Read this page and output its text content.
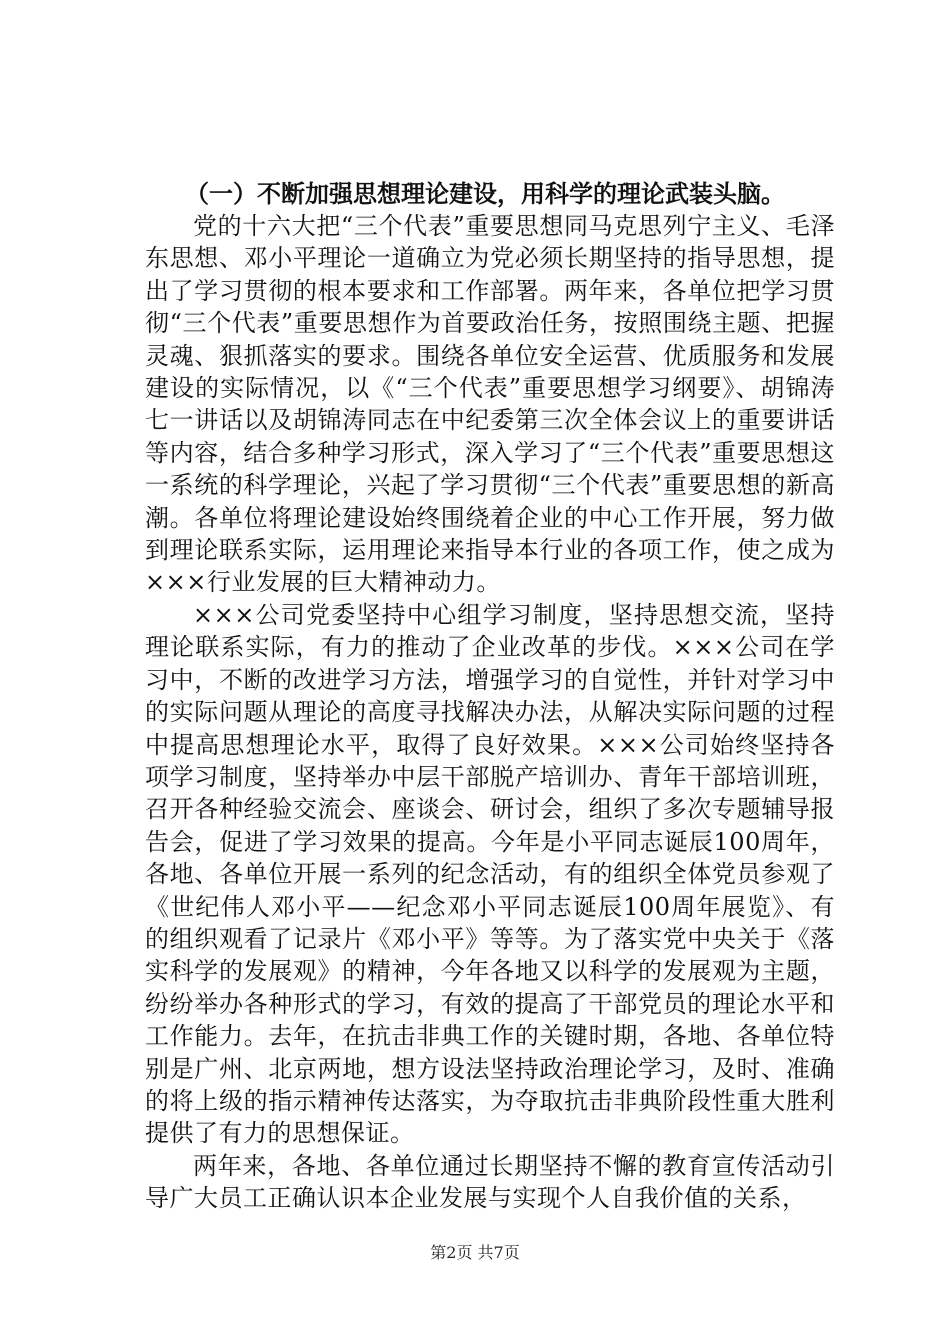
（一）不断加强思想理论建设，用科学的理论武装头脑。

党的十六大把“三个代表”重要思想同马克思列宁主义、毛泽东思想、邓小平理论一道确立为党必须长期坚持的指导思想，提出了学习贯彻的根本要求和工作部署。两年来，各单位把学习贯彻“三个代表”重要思想作为首要政治任务，按照围绕主题、把握灵魂、狠抓落实的要求。围绕各单位安全运营、优质服务和发展建设的实际情况，以《“三个代表”重要思想学习纲要》、胡锦涛七一讲话以及胡锦涛同志在中纪委第三次全体会议上的重要讲话等内容，结合多种学习形式，深入学习了“三个代表”重要思想这一系统的科学理论，兴起了学习贯彻“三个代表”重要思想的新高潮。各单位将理论建设始终围绕着企业的中心工作开展，努力做到理论联系实际，运用理论来指导本行业的各项工作，使之成为×××行业发展的巨大精神动力。

×××公司党委坚持中心组学习制度，坚持思想交流，坚持理论联系实际，有力的推动了企业改革的步伐。×××公司在学习中，不断的改进学习方法，增强学习的自觉性，并针对学习中的实际问题从理论的高度寻找解决办法，从解决实际问题的过程中提高思想理论水平，取得了良好效果。×××公司始终坚持各项学习制度，坚持举办中层干部脱产培训办、青年干部培训班，召开各种经验交流会、座谈会、研讨会，组织了多次专题辅导报告会，促进了学习效果的提高。今年是小平同志诞辰100周年，各地、各单位开展一系列的纪念活动，有的组织全体党员参观了《世纪伟人邓小平——纪念邓小平同志诞辰100周年展览》、有的组织观看了记录片《邓小平》等等。为了落实党中央关于《落实科学的发展观》的精神，今年各地又以科学的发展观为主题，纷纷举办各种形式的学习，有效的提高了干部党员的理论水平和工作能力。去年，在抗击非典工作的关键时期，各地、各单位特别是广州、北京两地，想方设法坚持政治理论学习，及时、准确的将上级的指示精神传达落实，为夺取抗击非典阶段性重大胜利提供了有力的思想保证。

两年来，各地、各单位通过长期坚持不懈的教育宣传活动引导广大员工正确认识本企业发展与实现个人自我价值的关系，

第2页 共7页
